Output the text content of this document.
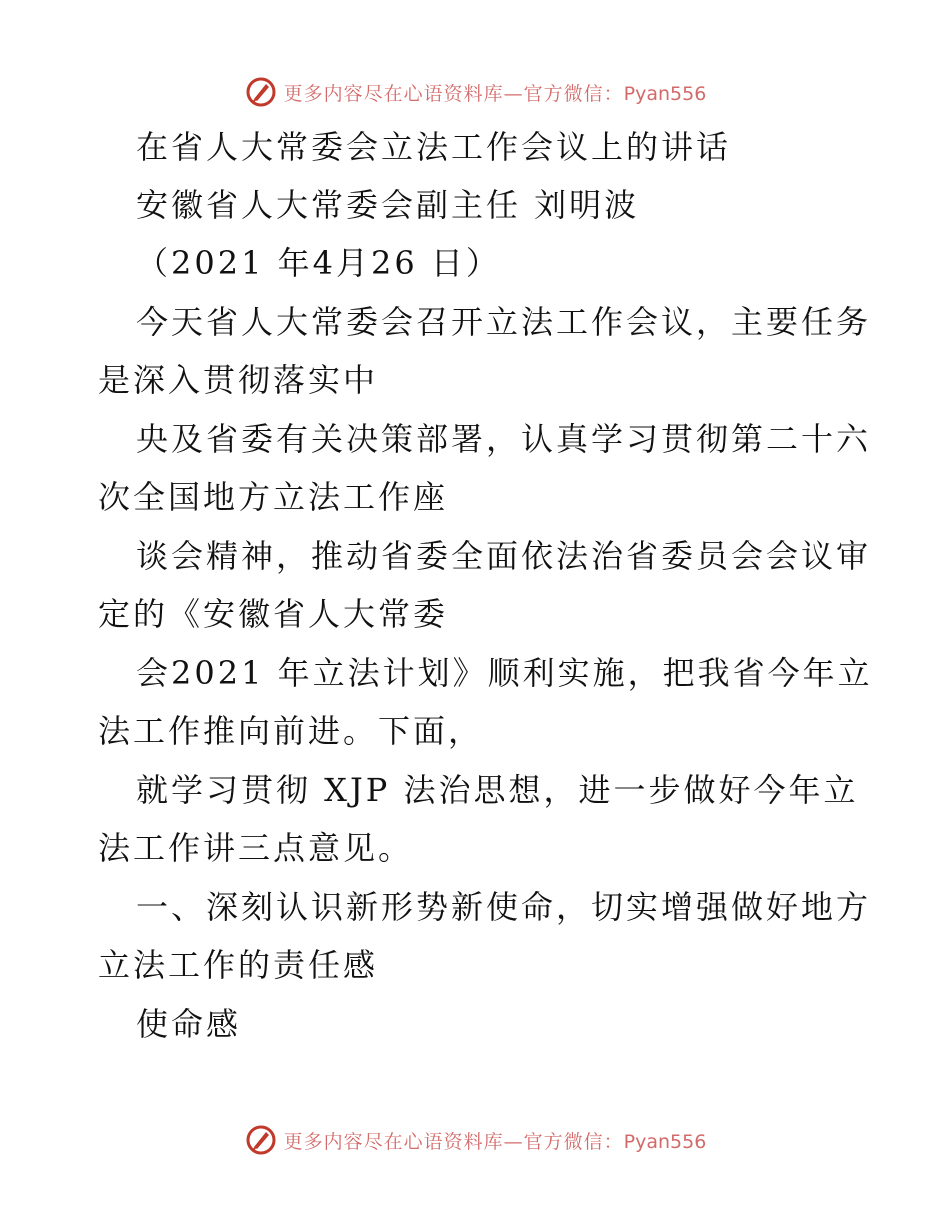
更多内容尽在心语资料库—官方微信：Pyan556
在省人大常委会立法工作会议上的讲话
安徽省人大常委会副主任 刘明波
（2021 年4月26 日）
今天省人大常委会召开立法工作会议，主要任务
是深入贯彻落实中
央及省委有关决策部署，认真学习贯彻第二十六
次全国地方立法工作座
谈会精神，推动省委全面依法治省委员会会议审
定的《安徽省人大常委
会2021 年立法计划》顺利实施，把我省今年立
法工作推向前进。下面，
就学习贯彻 XJP 法治思想，进一步做好今年立
法工作讲三点意见。
一、深刻认识新形势新使命，切实增强做好地方
立法工作的责任感
使命感
更多内容尽在心语资料库—官方微信：Pyan556
